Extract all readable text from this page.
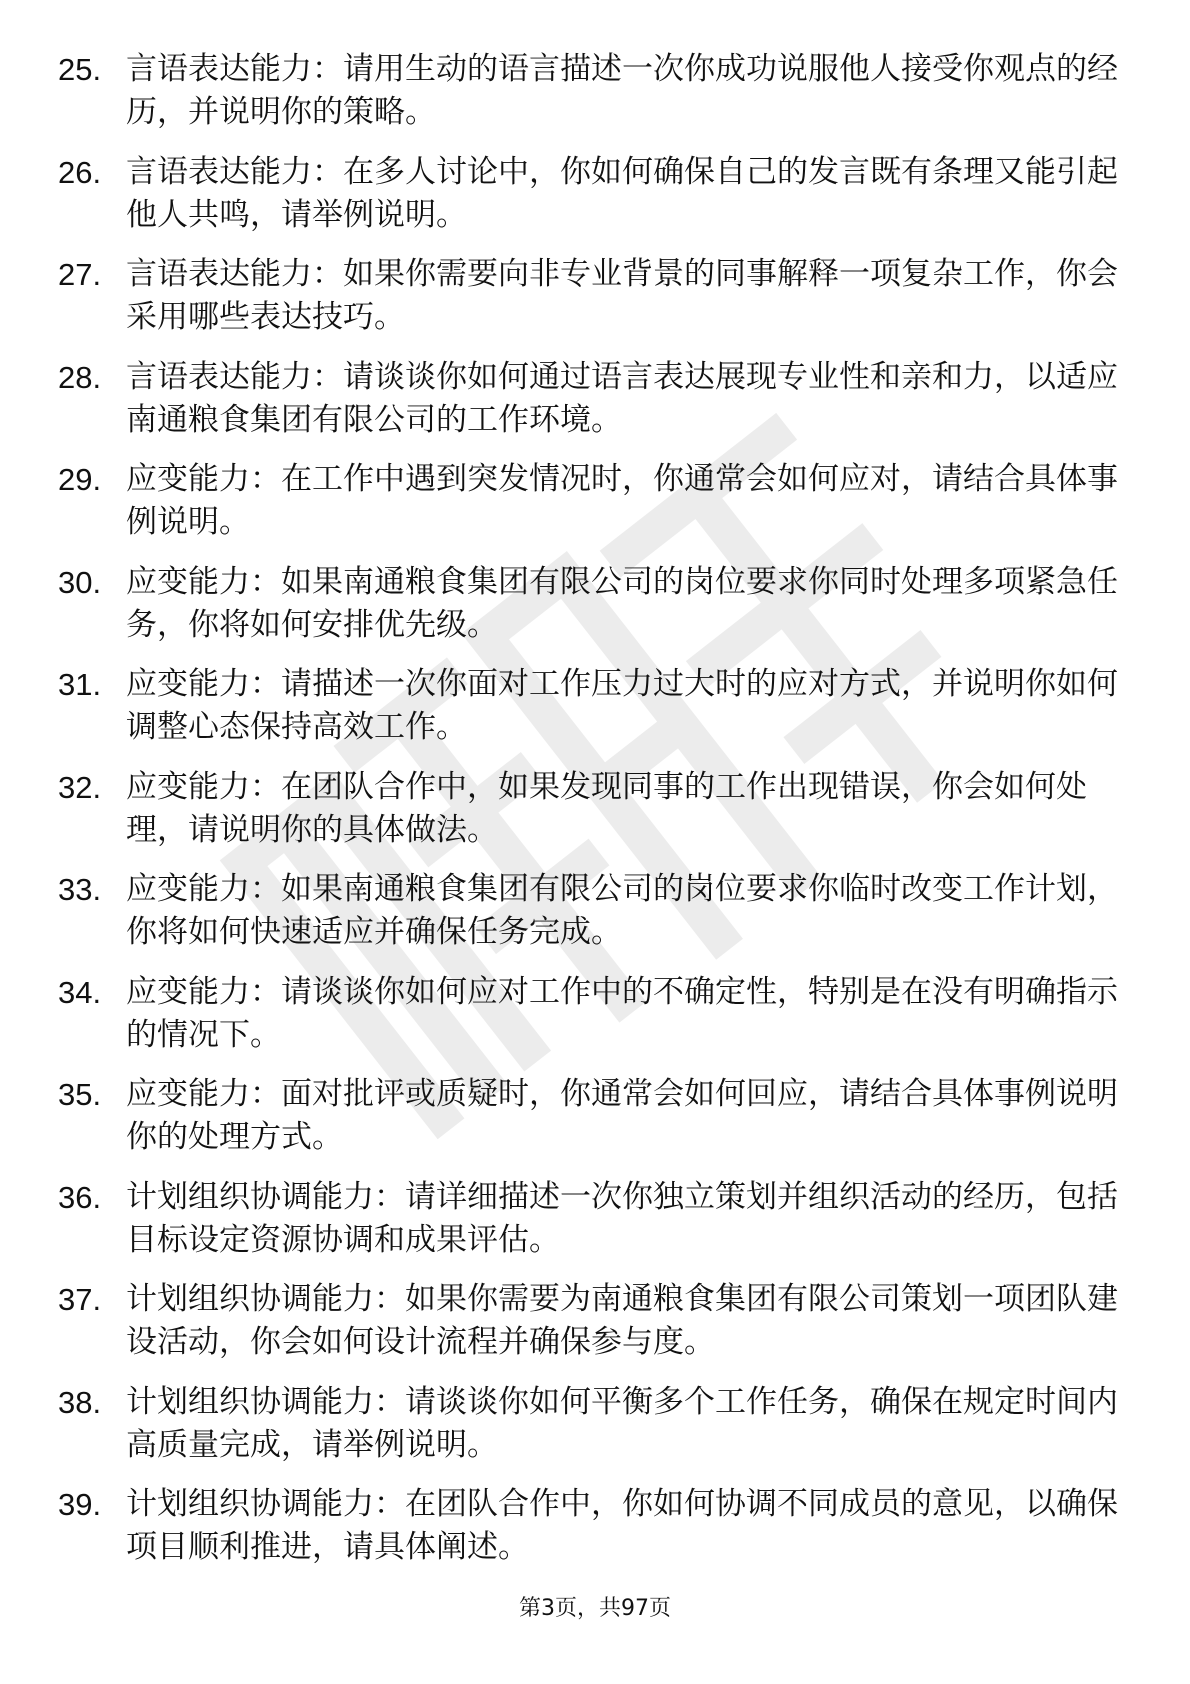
25. 言语表达能力：请用生动的语言描述一次你成功说服他人接受你观点的经历，并说明你的策略。
26. 言语表达能力：在多人讨论中，你如何确保自己的发言既有条理又能引起他人共鸣，请举例说明。
27. 言语表达能力：如果你需要向非专业背景的同事解释一项复杂工作，你会采用哪些表达技巧。
28. 言语表达能力：请谈谈你如何通过语言表达展现专业性和亲和力，以适应南通粮食集团有限公司的工作环境。
29. 应变能力：在工作中遇到突发情况时，你通常会如何应对，请结合具体事例说明。
30. 应变能力：如果南通粮食集团有限公司的岗位要求你同时处理多项紧急任务，你将如何安排优先级。
31. 应变能力：请描述一次你面对工作压力过大时的应对方式，并说明你如何调整心态保持高效工作。
32. 应变能力：在团队合作中，如果发现同事的工作出现错误，你会如何处理，请说明你的具体做法。
33. 应变能力：如果南通粮食集团有限公司的岗位要求你临时改变工作计划，你将如何快速适应并确保任务完成。
34. 应变能力：请谈谈你如何应对工作中的不确定性，特别是在没有明确指示的情况下。
35. 应变能力：面对批评或质疑时，你通常会如何回应，请结合具体事例说明你的处理方式。
36. 计划组织协调能力：请详细描述一次你独立策划并组织活动的经历，包括目标设定资源协调和成果评估。
37. 计划组织协调能力：如果你需要为南通粮食集团有限公司策划一项团队建设活动，你会如何设计流程并确保参与度。
38. 计划组织协调能力：请谈谈你如何平衡多个工作任务，确保在规定时间内高质量完成，请举例说明。
39. 计划组织协调能力：在团队合作中，你如何协调不同成员的意见，以确保项目顺利推进，请具体阐述。
第3页，共97页
